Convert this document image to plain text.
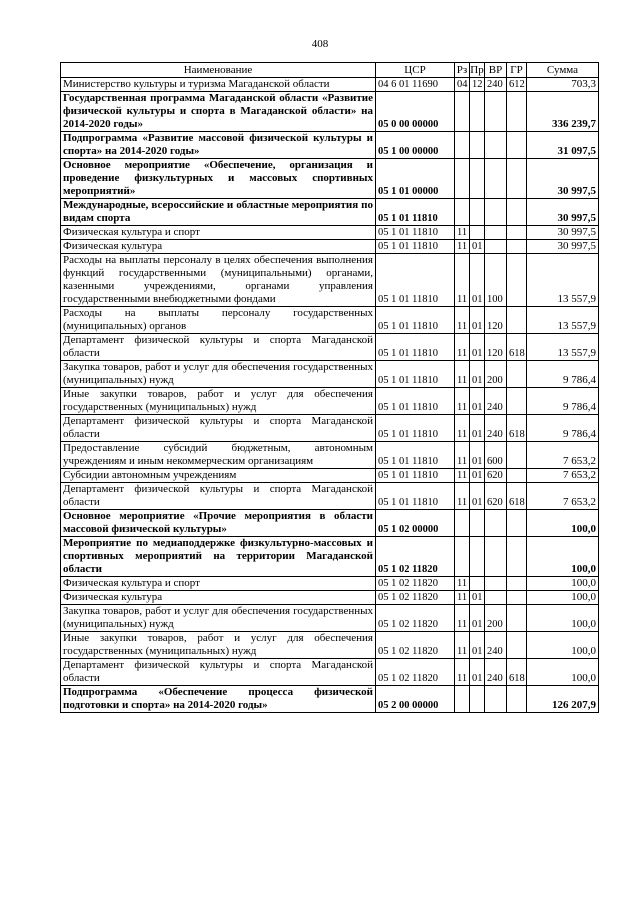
408
Наименование	ЦСР	Рз	Пр	ВР	ГР	Сумма
Министерство культуры и туризма Магаданской области	04 6 01 11690	04	12	240	612	703,3
Государственная программа Магаданской области «Развитие физической культуры и спорта в Магаданской области» на 2014-2020 годы»	05 0 00 00000					336 239,7
Подпрограмма «Развитие массовой физической культуры и спорта» на 2014-2020 годы»	05 1 00 00000					31 097,5
Основное мероприятие «Обеспечение, организация и проведение физкультурных и массовых спортивных мероприятий»	05 1 01 00000					30 997,5
Международные, всероссийские и областные мероприятия по видам спорта	05 1 01 11810					30 997,5
Физическая культура и спорт	05 1 01 11810	11				30 997,5
Физическая культура	05 1 01 11810	11	01			30 997,5
Расходы на выплаты персоналу в целях обеспечения выполнения функций государственными (муниципальными) органами, казенными учреждениями, органами управления государственными внебюджетными фондами	05 1 01 11810	11	01	100		13 557,9
Расходы на выплаты персоналу государственных (муниципальных) органов	05 1 01 11810	11	01	120		13 557,9
Департамент физической культуры и спорта Магаданской области	05 1 01 11810	11	01	120	618	13 557,9
Закупка товаров, работ и услуг для обеспечения государственных (муниципальных) нужд	05 1 01 11810	11	01	200		9 786,4
Иные закупки товаров, работ и услуг для обеспечения государственных (муниципальных) нужд	05 1 01 11810	11	01	240		9 786,4
Департамент физической культуры и спорта Магаданской области	05 1 01 11810	11	01	240	618	9 786,4
Предоставление субсидий бюджетным, автономным учреждениям и иным некоммерческим организациям	05 1 01 11810	11	01	600		7 653,2
Субсидии автономным учреждениям	05 1 01 11810	11	01	620		7 653,2
Департамент физической культуры и спорта Магаданской области	05 1 01 11810	11	01	620	618	7 653,2
Основное мероприятие «Прочие мероприятия в области массовой физической культуры»	05 1 02 00000					100,0
Мероприятие по медиаподдержке физкультурно-массовых и спортивных мероприятий на территории Магаданской области	05 1 02 11820					100,0
Физическая культура и спорт	05 1 02 11820	11				100,0
Физическая культура	05 1 02 11820	11	01			100,0
Закупка товаров, работ и услуг для обеспечения государственных (муниципальных) нужд	05 1 02 11820	11	01	200		100,0
Иные закупки товаров, работ и услуг для обеспечения государственных (муниципальных) нужд	05 1 02 11820	11	01	240		100,0
Департамент физической культуры и спорта Магаданской области	05 1 02 11820	11	01	240	618	100,0
Подпрограмма «Обеспечение процесса физической подготовки и спорта» на 2014-2020 годы»	05 2 00 00000					126 207,9
